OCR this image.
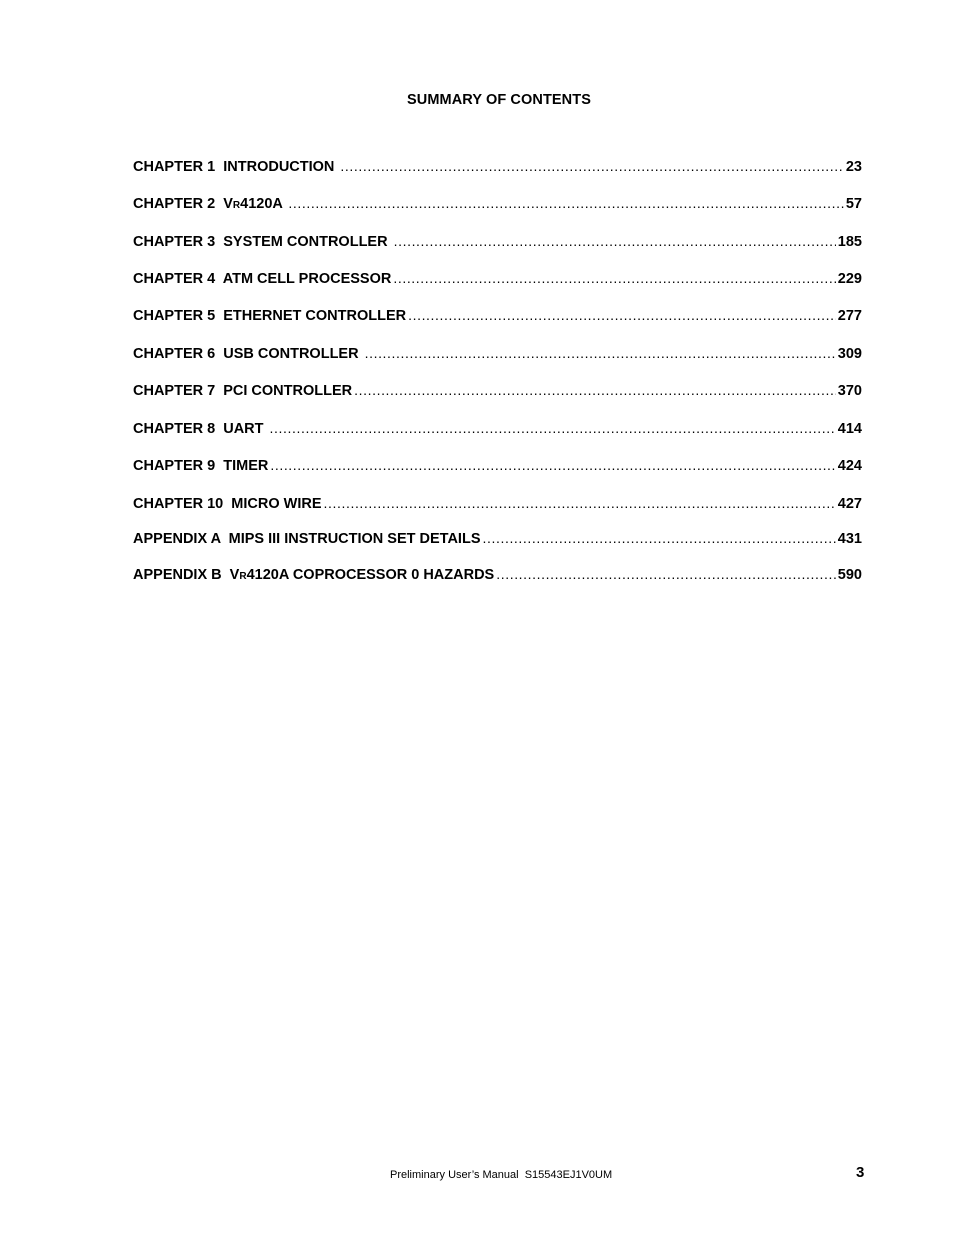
SUMMARY OF CONTENTS
CHAPTER 1  INTRODUCTION .....	23
CHAPTER 2  VR4120A .....	57
CHAPTER 3  SYSTEM CONTROLLER .....	185
CHAPTER 4  ATM CELL PROCESSOR .....	229
CHAPTER 5  ETHERNET CONTROLLER .....	277
CHAPTER 6  USB CONTROLLER .....	309
CHAPTER 7  PCI CONTROLLER .....	370
CHAPTER 8  UART .....	414
CHAPTER 9  TIMER .....	424
CHAPTER 10  MICRO WIRE .....	427
APPENDIX A  MIPS III INSTRUCTION SET DETAILS .....	431
APPENDIX B  VR4120A COPROCESSOR 0 HAZARDS .....	590
Preliminary User’s Manual  S15543EJ1V0UM	3
